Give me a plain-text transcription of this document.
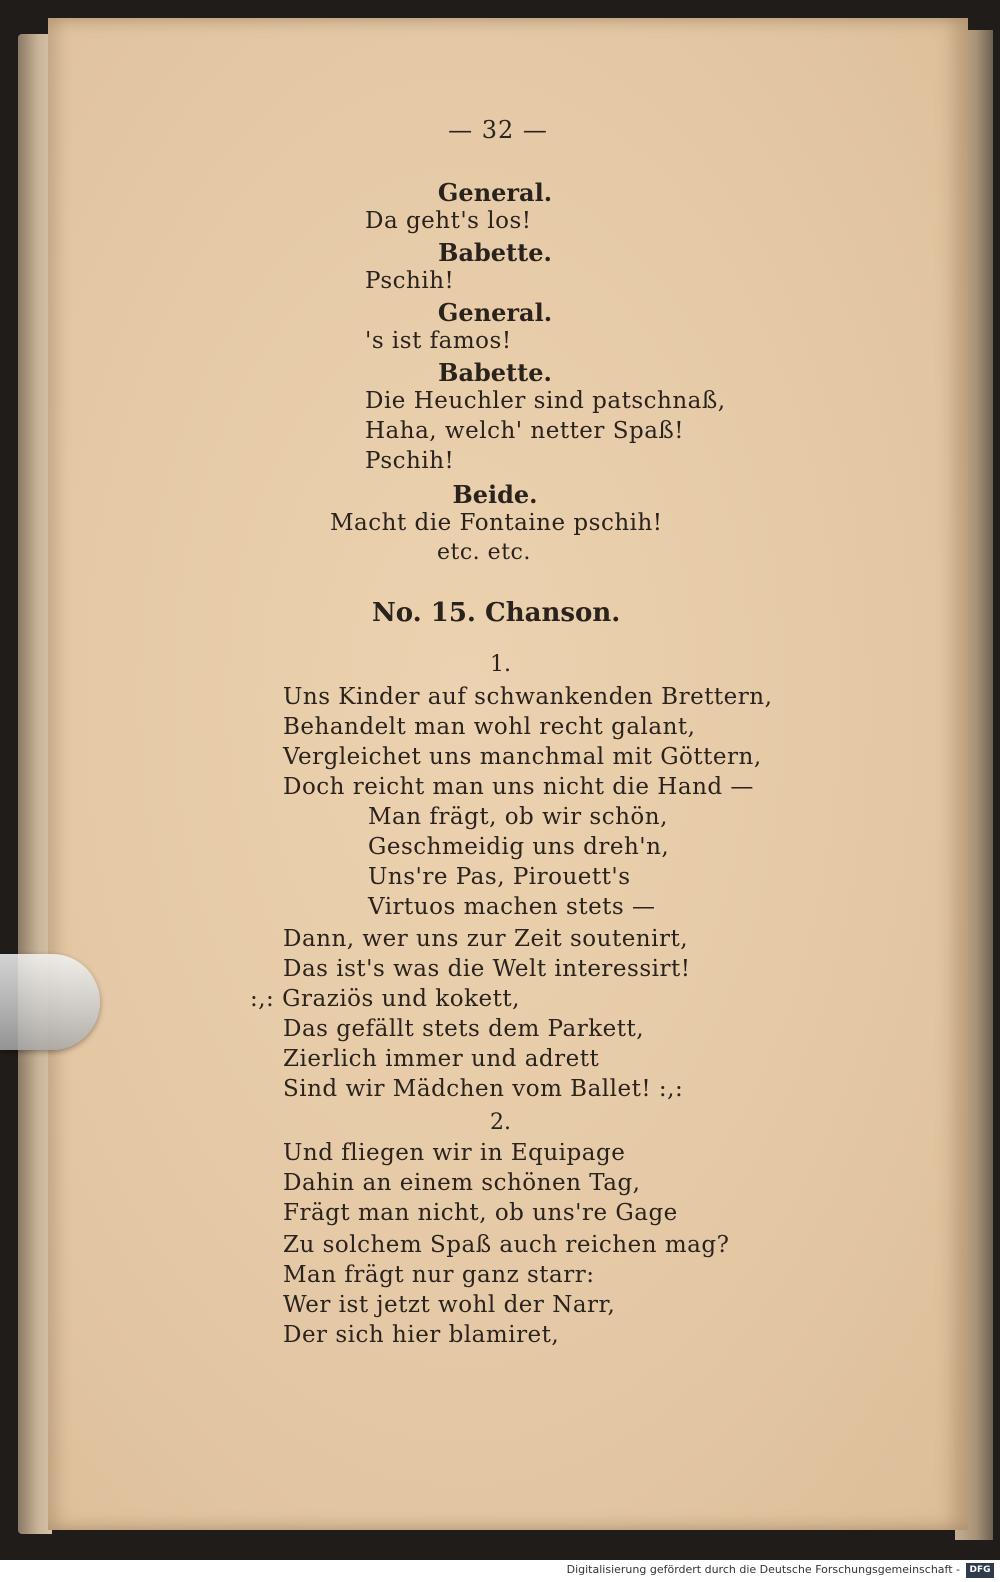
— 32 —
General.
Da geht's los!
Babette.
Pschih!
General.
's ist famos!
Babette.
Die Heuchler sind patschnaß,
Haha, welch' netter Spaß!
Pschih!
Beide.
Macht die Fontaine pschih!
etc. etc.
No. 15. Chanson.
1.
Uns Kinder auf schwankenden Brettern,
Behandelt man wohl recht galant,
Vergleichet uns manchmal mit Göttern,
Doch reicht man uns nicht die Hand —
Man frägt, ob wir schön,
Geschmeidig uns dreh'n,
Uns're Pas, Pirouett's
Virtuos machen stets —
Dann, wer uns zur Zeit soutenirt,
Das ist's was die Welt interessirt!
:,: Graziös und kokett,
Das gefällt stets dem Parkett,
Zierlich immer und adrett
Sind wir Mädchen vom Ballet! :,:
2.
Und fliegen wir in Equipage
Dahin an einem schönen Tag,
Frägt man nicht, ob uns're Gage
Zu solchem Spaß auch reichen mag?
Man frägt nur ganz starr:
Wer ist jetzt wohl der Narr,
Der sich hier blamiret,
Digitalisierung gefördert durch die Deutsche Forschungsgemeinschaft -	DFG
